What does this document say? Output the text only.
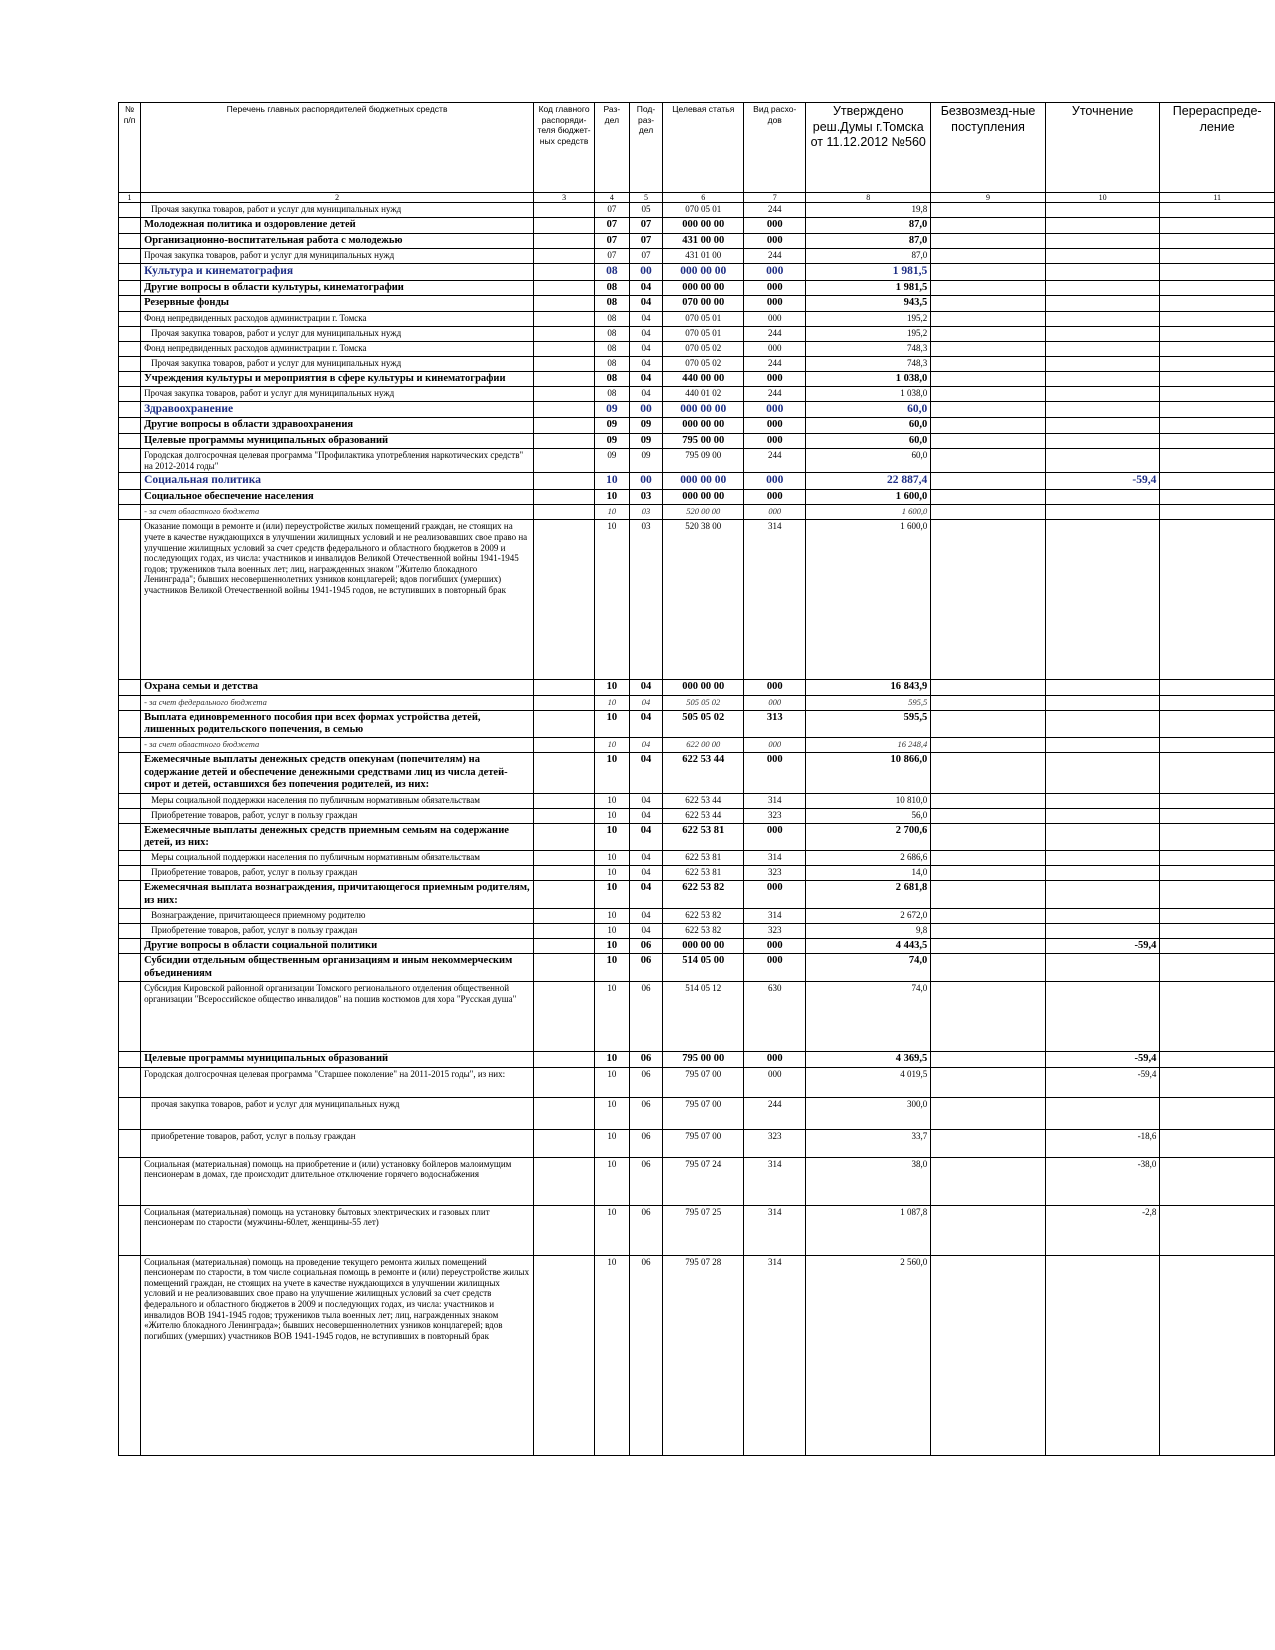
№ п/п	Перечень главных распорядителей бюджетных средств	Код главного распоряди-теля бюджет-ных средств	Раз-дел	Под-раз-дел	Целевая статья	Вид расхо-дов	Утверждено реш.Думы г.Томска от 11.12.2012 №560	Безвозмезд-ные поступления	Уточнение	Перераспреде-ление
1	2	3	4	5	6	7	8	9	10	11
	Прочая закупка товаров, работ и услуг для муниципальных нужд		07	05	070 05 01	244	19,8			
	Молодежная политика и оздоровление детей		07	07	000 00 00	000	87,0			
	Организационно-воспитательная работа с молодежью		07	07	431 00 00	000	87,0			
	Прочая закупка товаров, работ и услуг для муниципальных нужд		07	07	431 01 00	244	87,0			
	Культура и кинематография		08	00	000 00 00	000	1 981,5			
	Другие вопросы в области культуры, кинематографии		08	04	000 00 00	000	1 981,5			
	Резервные фонды		08	04	070 00 00	000	943,5			
	Фонд непредвиденных расходов администрации г. Томска		08	04	070 05 01	000	195,2			
	Прочая закупка товаров, работ и услуг для муниципальных нужд		08	04	070 05 01	244	195,2			
	Фонд непредвиденных расходов администрации г. Томска		08	04	070 05 02	000	748,3			
	Прочая закупка товаров, работ и услуг для муниципальных нужд		08	04	070 05 02	244	748,3			
	Учреждения культуры и мероприятия в сфере культуры и кинематографии		08	04	440 00 00	000	1 038,0			
	Прочая закупка товаров, работ и услуг для муниципальных нужд		08	04	440 01 02	244	1 038,0			
	Здравоохранение		09	00	000 00 00	000	60,0			
	Другие вопросы в области здравоохранения		09	09	000 00 00	000	60,0			
	Целевые программы муниципальных образований		09	09	795 00 00	000	60,0			
	Городская долгосрочная целевая программа "Профилактика употребления наркотических средств" на 2012-2014 годы"		09	09	795 09 00	244	60,0			
	Социальная политика		10	00	000 00 00	000	22 887,4		-59,4	
	Социальное обеспечение населения		10	03	000 00 00	000	1 600,0			
	- за счет областного бюджета		10	03	520 00 00	000	1 600,0			
	Оказание помощи в ремонте и (или) переустройстве жилых помещений граждан, не стоящих на учете в качестве нуждающихся в улучшении жилищных условий и не реализовавших свое право на улучшение жилищных условий за счет средств федерального и областного бюджетов в 2009 и последующих годах, из числа: участников и инвалидов Великой Отечественной войны 1941-1945 годов; тружеников тыла военных лет; лиц, награжденных знаком "Жителю блокадного Ленинграда"; бывших несовершеннолетних узников концлагерей; вдов погибших (умерших) участников Великой Отечественной войны 1941-1945 годов, не вступивших в повторный брак		10	03	520 38 00	314	1 600,0			
	Охрана семьи и детства		10	04	000 00 00	000	16 843,9			
	- за счет федерального бюджета		10	04	505 05 02	000	595,5			
	Выплата единовременного пособия при всех формах устройства детей, лишенных родительского попечения, в семью		10	04	505 05 02	313	595,5			
	- за счет областного бюджета		10	04	622 00 00	000	16 248,4			
	Ежемесячные выплаты денежных средств опекунам (попечителям) на содержание детей и обеспечение денежными средствами лиц из числа детей-сирот и детей, оставшихся без попечения родителей, из них:		10	04	622 53 44	000	10 866,0			
	Меры социальной поддержки населения по публичным нормативным обязательствам		10	04	622 53 44	314	10 810,0			
	Приобретение товаров, работ, услуг в пользу граждан		10	04	622 53 44	323	56,0			
	Ежемесячные выплаты денежных средств приемным семьям на содержание детей, из них:		10	04	622 53 81	000	2 700,6			
	Меры социальной поддержки населения по публичным нормативным обязательствам		10	04	622 53 81	314	2 686,6			
	Приобретение товаров, работ, услуг в пользу граждан		10	04	622 53 81	323	14,0			
	Ежемесячная выплата вознаграждения, причитающегося приемным родителям, из них:		10	04	622 53 82	000	2 681,8			
	Вознаграждение, причитающееся приемному родителю		10	04	622 53 82	314	2 672,0			
	Приобретение товаров, работ, услуг в пользу граждан		10	04	622 53 82	323	9,8			
	Другие вопросы в области социальной политики		10	06	000 00 00	000	4 443,5		-59,4	
	Субсидии отдельным общественным организациям и иным некоммерческим объединениям		10	06	514 05 00	000	74,0			
	Субсидия Кировской районной организации Томского регионального отделения общественной организации "Всероссийское общество инвалидов" на пошив костюмов для хора "Русская душа"		10	06	514 05 12	630	74,0			
	Целевые программы муниципальных образований		10	06	795 00 00	000	4 369,5		-59,4	
	Городская долгосрочная целевая программа "Старшее поколение" на 2011-2015 годы", из них:		10	06	795 07 00	000	4 019,5		-59,4	
	прочая закупка товаров, работ и услуг для муниципальных нужд		10	06	795 07 00	244	300,0			
	приобретение товаров, работ, услуг в пользу граждан		10	06	795 07 00	323	33,7		-18,6	
	Социальная (материальная) помощь на приобретение и (или) установку бойлеров малоимущим пенсионерам в домах, где происходит длительное отключение горячего водоснабжения		10	06	795 07 24	314	38,0		-38,0	
	Социальная (материальная) помощь на установку бытовых электрических и газовых плит пенсионерам по старости (мужчины-60лет, женщины-55 лет)		10	06	795 07 25	314	1 087,8		-2,8	
	Социальная (материальная) помощь на проведение текущего ремонта жилых помещений пенсионерам по старости, в том числе социальная помощь в ремонте и (или) переустройстве жилых помещений граждан, не стоящих на учете в качестве нуждающихся в улучшении жилищных условий и не реализовавших свое право на улучшение жилищных условий за счет средств федерального и областного бюджетов в 2009 и последующих годах, из числа: участников и инвалидов ВОВ 1941-1945 годов; тружеников тыла военных лет; лиц, награжденных знаком «Жителю блокадного Ленинграда»; бывших несовершеннолетних узников концлагерей; вдов погибших (умерших) участников ВОВ 1941-1945 годов, не вступивших в повторный брак		10	06	795 07 28	314	2 560,0			
